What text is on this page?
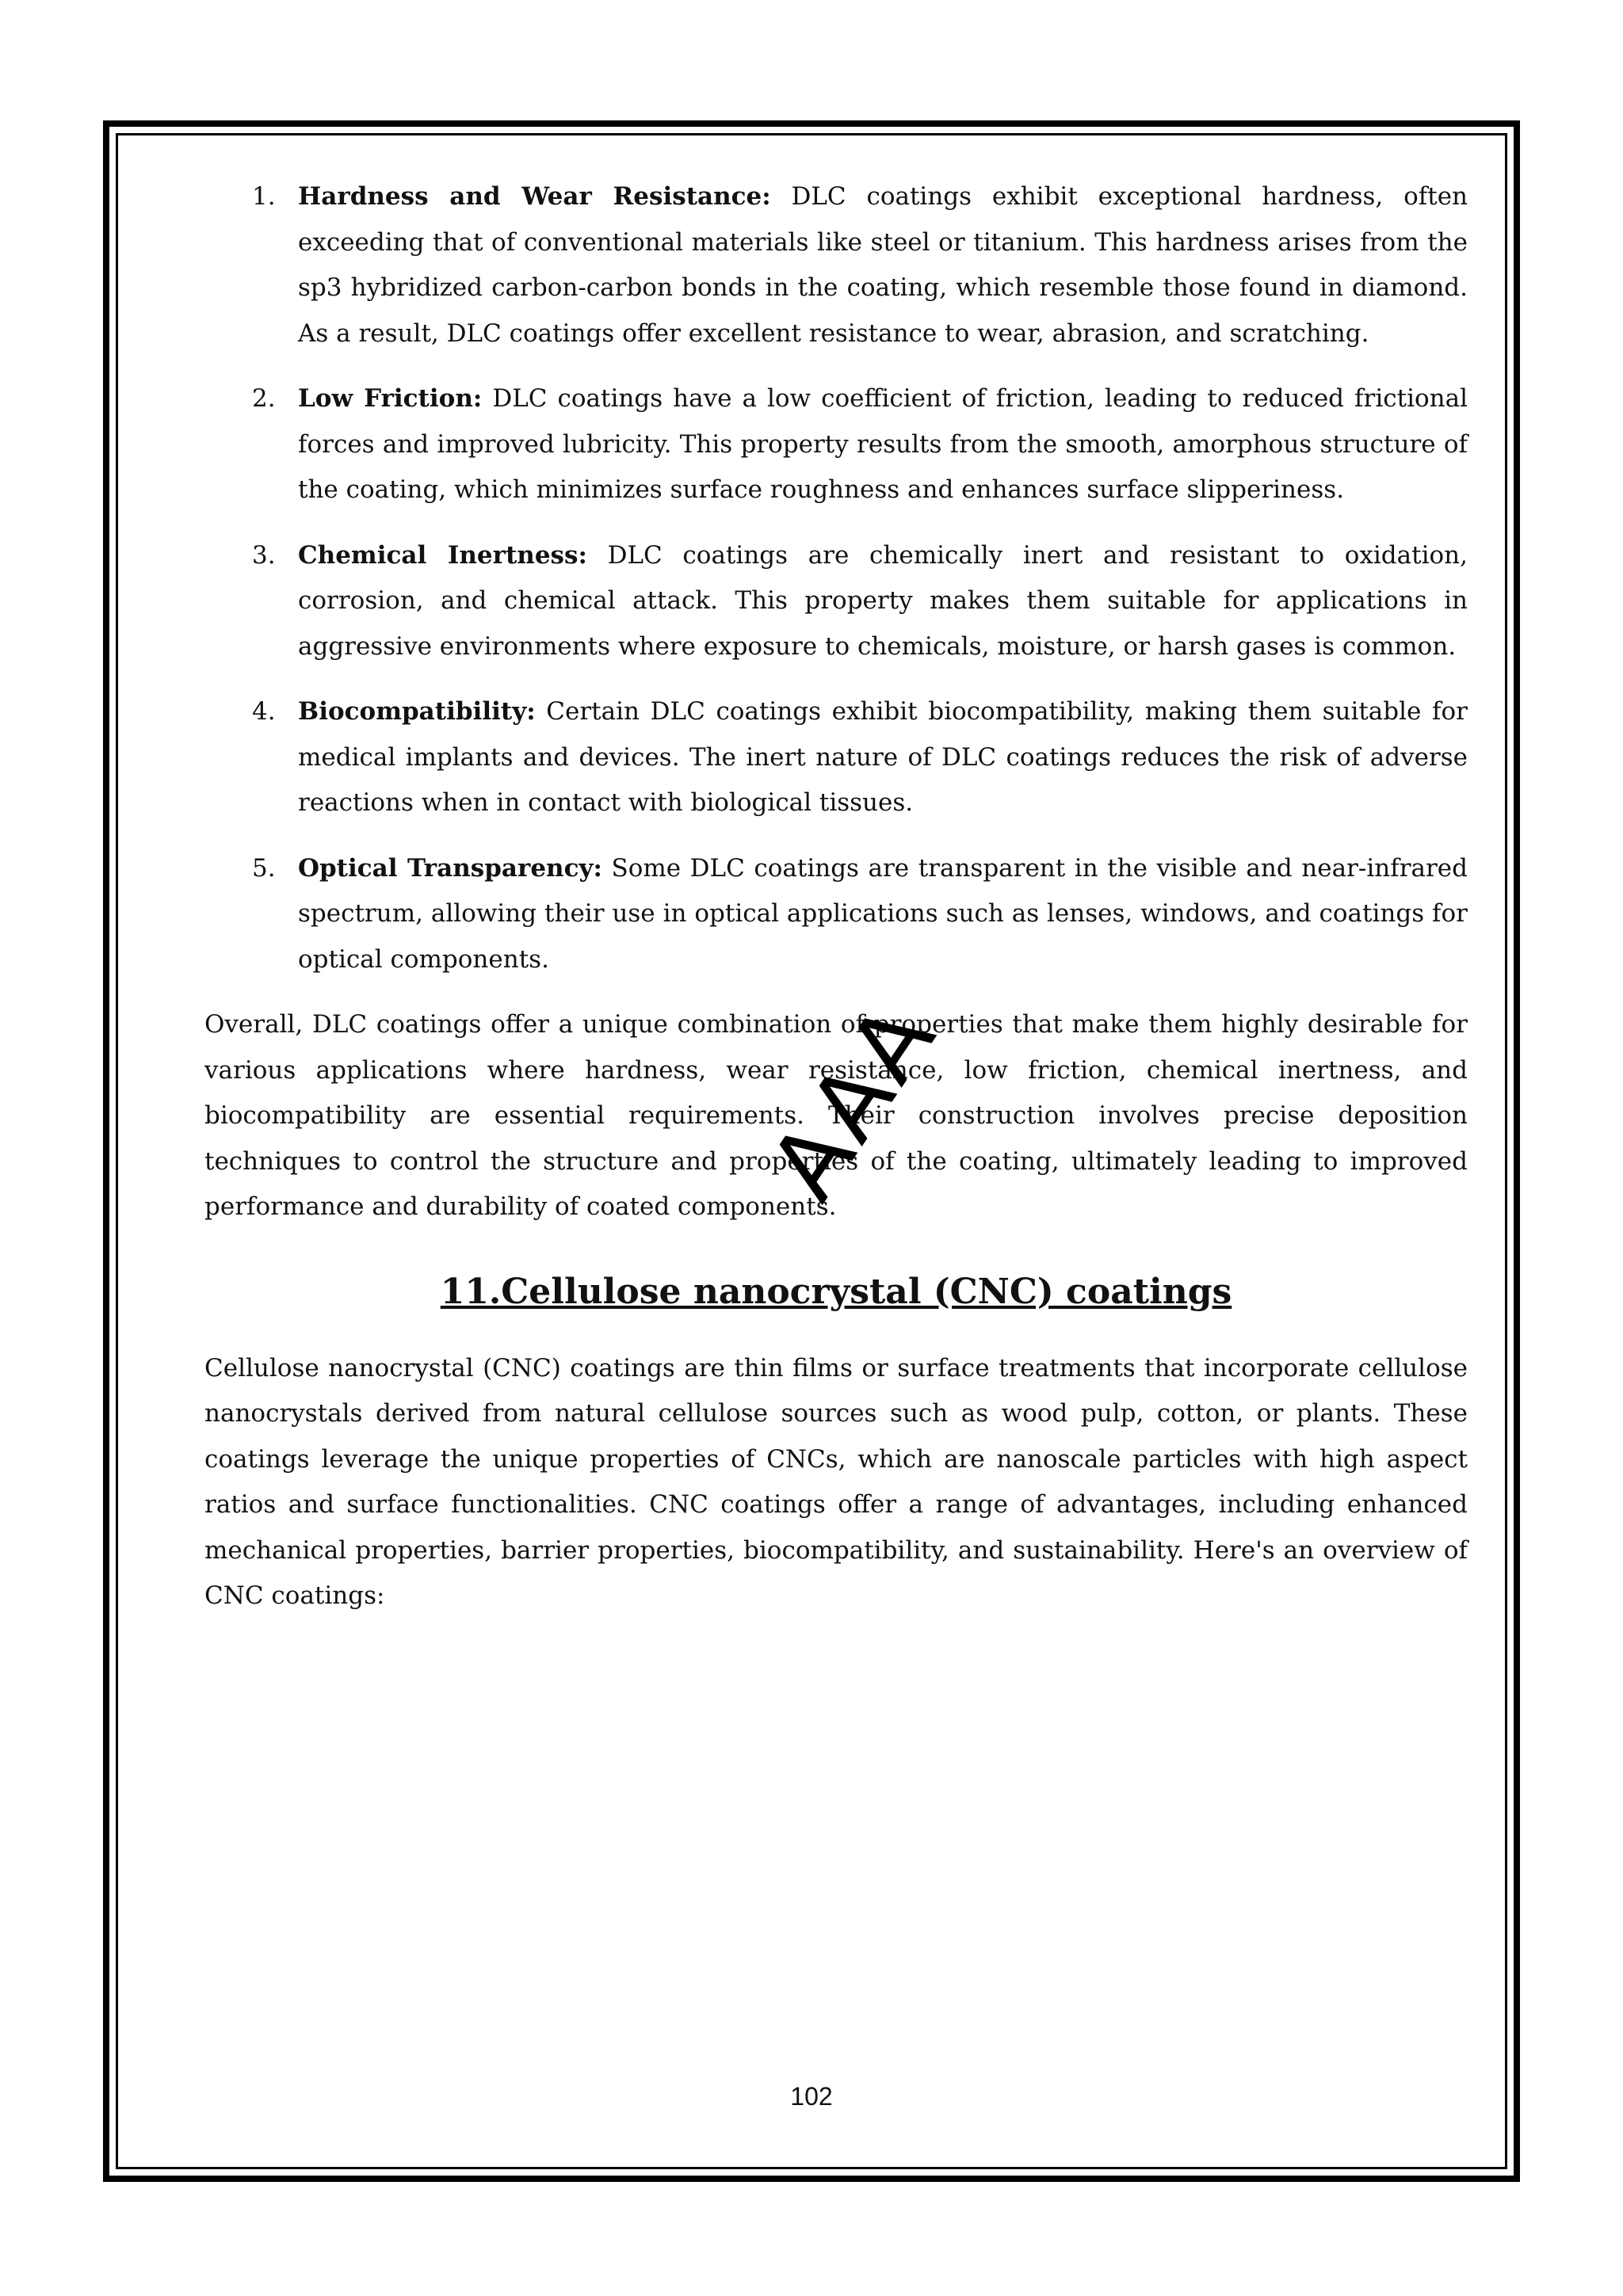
1. Hardness and Wear Resistance: DLC coatings exhibit exceptional hardness, often exceeding that of conventional materials like steel or titanium. This hardness arises from the sp3 hybridized carbon-carbon bonds in the coating, which resemble those found in diamond. As a result, DLC coatings offer excellent resistance to wear, abrasion, and scratching.
2. Low Friction: DLC coatings have a low coefficient of friction, leading to reduced frictional forces and improved lubricity. This property results from the smooth, amorphous structure of the coating, which minimizes surface roughness and enhances surface slipperiness.
3. Chemical Inertness: DLC coatings are chemically inert and resistant to oxidation, corrosion, and chemical attack. This property makes them suitable for applications in aggressive environments where exposure to chemicals, moisture, or harsh gases is common.
4. Biocompatibility: Certain DLC coatings exhibit biocompatibility, making them suitable for medical implants and devices. The inert nature of DLC coatings reduces the risk of adverse reactions when in contact with biological tissues.
5. Optical Transparency: Some DLC coatings are transparent in the visible and near-infrared spectrum, allowing their use in optical applications such as lenses, windows, and coatings for optical components.

Overall, DLC coatings offer a unique combination of properties that make them highly desirable for various applications where hardness, wear resistance, low friction, chemical inertness, and biocompatibility are essential requirements. Their construction involves precise deposition techniques to control the structure and properties of the coating, ultimately leading to improved performance and durability of coated components.

11.Cellulose nanocrystal (CNC) coatings

Cellulose nanocrystal (CNC) coatings are thin films or surface treatments that incorporate cellulose nanocrystals derived from natural cellulose sources such as wood pulp, cotton, or plants. These coatings leverage the unique properties of CNCs, which are nanoscale particles with high aspect ratios and surface functionalities. CNC coatings offer a range of advantages, including enhanced mechanical properties, barrier properties, biocompatibility, and sustainability. Here's an overview of CNC coatings:

AAA
102
